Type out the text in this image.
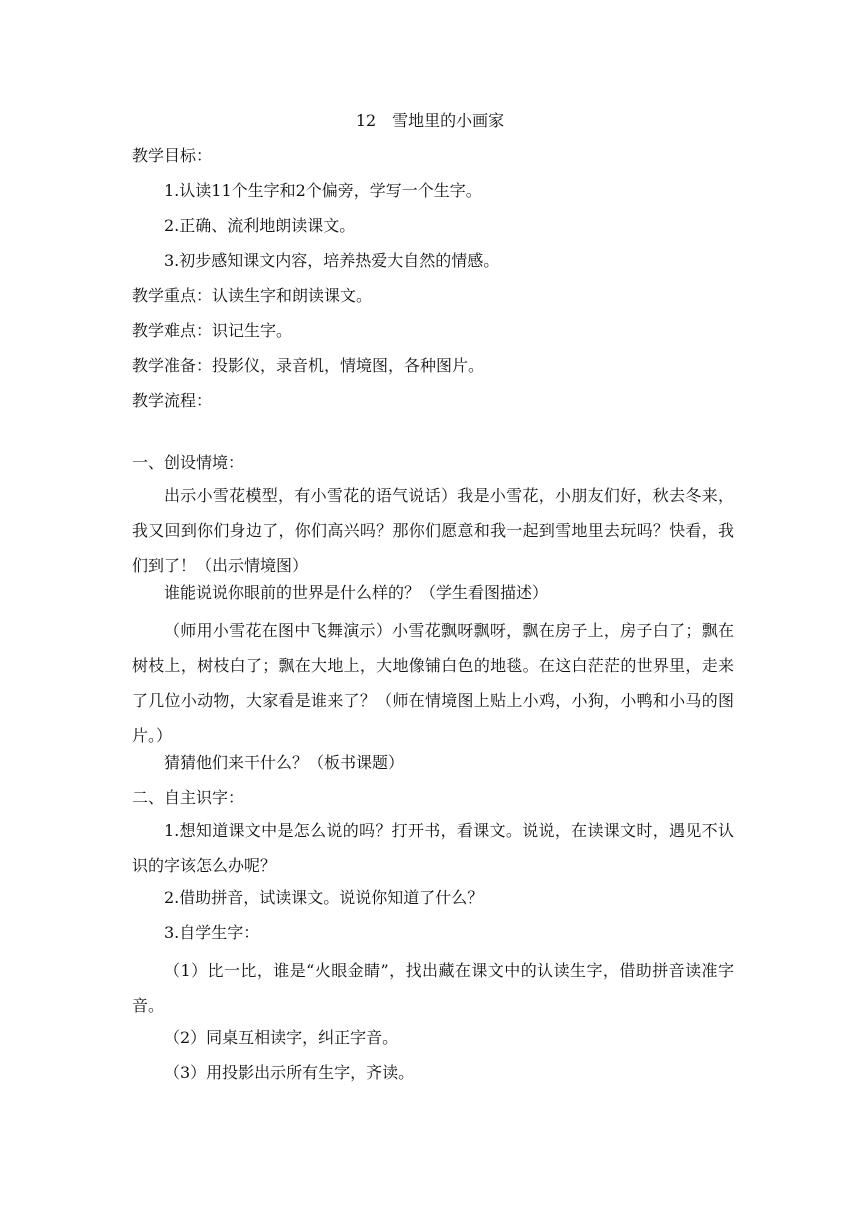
12　雪地里的小画家
教学目标：
1.认读11个生字和2个偏旁，学写一个生字。
2.正确、流利地朗读课文。
3.初步感知课文内容，培养热爱大自然的情感。
教学重点：认读生字和朗读课文。
教学难点：识记生字。
教学准备：投影仪，录音机，情境图，各种图片。
教学流程：
一、创设情境：
出示小雪花模型，有小雪花的语气说话）我是小雪花，小朋友们好，秋去冬来，我又回到你们身边了，你们高兴吗？那你们愿意和我一起到雪地里去玩吗？快看，我们到了！（出示情境图）
谁能说说你眼前的世界是什么样的？（学生看图描述）
（师用小雪花在图中飞舞演示）小雪花飘呀飘呀，飘在房子上，房子白了；飘在树枝上，树枝白了；飘在大地上，大地像铺白色的地毯。在这白茫茫的世界里，走来了几位小动物，大家看是谁来了？（师在情境图上贴上小鸡，小狗，小鸭和小马的图片。）
猜猜他们来干什么？（板书课题）
二、自主识字：
1.想知道课文中是怎么说的吗？打开书，看课文。说说，在读课文时，遇见不认识的字该怎么办呢？
2.借助拼音，试读课文。说说你知道了什么？
3.自学生字：
（1）比一比，谁是“火眼金睛”，找出藏在课文中的认读生字，借助拼音读准字音。
（2）同桌互相读字，纠正字音。
（3）用投影出示所有生字，齐读。
